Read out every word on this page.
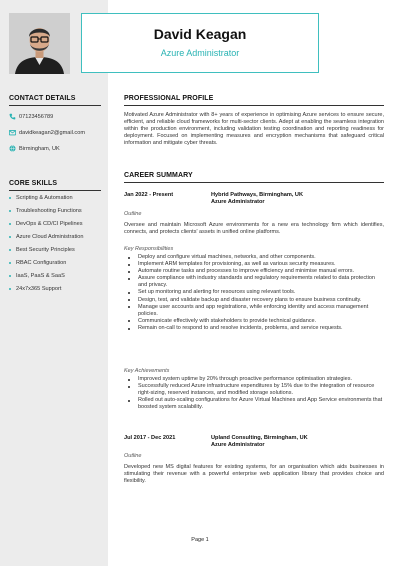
David Keagan
Azure Administrator
CONTACT DETAILS
07123456789
davidkeagan2@gmail.com
Birmingham, UK
CORE SKILLS
Scripting & Automation
Troubleshooting Functions
DevOps & CD/CI Pipelines
Azure Cloud Administration
Best Security Principles
RBAC Configuration
IaaS, PaaS & SaaS
24x7x365 Support
PROFESSIONAL PROFILE
Motivated Azure Administrator with 8+ years of experience in optimising Azure services to ensure secure, efficient, and reliable cloud frameworks for multi-sector clients. Adept at enabling the seamless integration within the production environment, including validation testing coordination and reporting readiness for deployment. Focused on implementing measures and encryption mechanisms that safeguard critical information and mitigate cyber threats.
CAREER SUMMARY
Jan 2022 - Present	Hybrid Pathways, Birmingham, UK
Azure Administrator
Outline
Oversee and maintain Microsoft Azure environments for a new era technology firm which identifies, connects, and protects clients' assets in unified online platforms.
Key Responsibilities
Deploy and configure virtual machines, networks, and other components.
Implement ARM templates for provisioning, as well as various security measures.
Automate routine tasks and processes to improve efficiency and minimise manual errors.
Assure compliance with industry standards and regulatory requirements related to data protection and privacy.
Set up monitoring and alerting for resources using relevant tools.
Design, test, and validate backup and disaster recovery plans to ensure business continuity.
Manage user accounts and app registrations, while enforcing identity and access management policies.
Communicate effectively with stakeholders to provide technical guidance.
Remain on-call to respond to and resolve incidents, problems, and service requests.
Key Achievements
Improved system uptime by 20% through proactive performance optimisation strategies.
Successfully reduced Azure infrastructure expenditures by 15% due to the integration of resource right-sizing, reserved instances, and modified storage solutions.
Rolled out auto-scaling configurations for Azure Virtual Machines and App Service environments that boosted system scalability.
Jul 2017 - Dec 2021	Upland Consulting, Birmingham, UK
Azure Administrator
Outline
Developed new MS digital features for existing systems, for an organisation which aids businesses in stimulating their revenue with a powerful enterprise web application library that provides choice and flexibility.
Page 1
